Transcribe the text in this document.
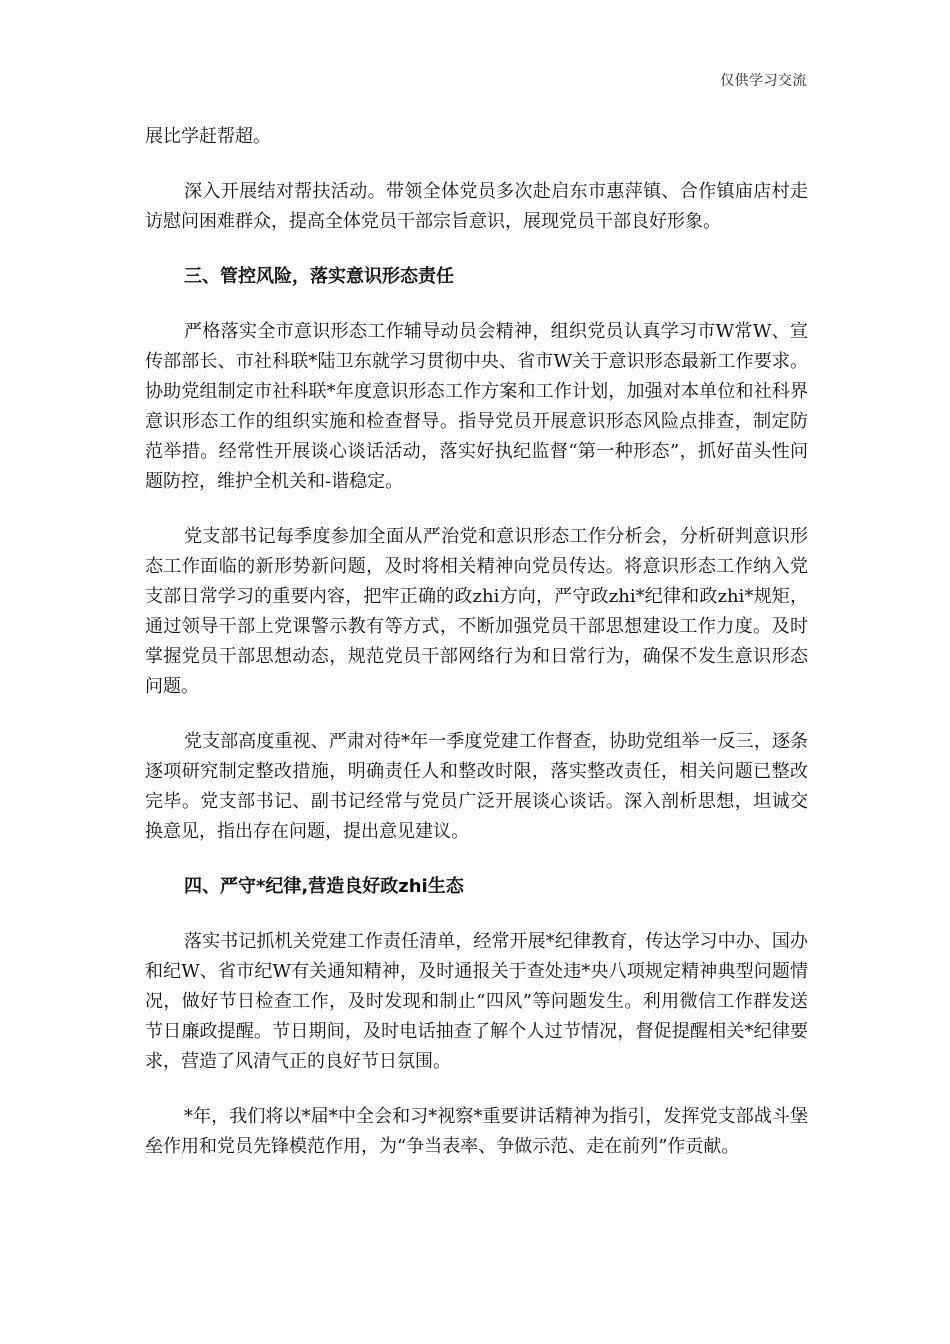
仅供学习交流

展比学赶帮超。

深入开展结对帮扶活动。带领全体党员多次赴启东市惠萍镇、合作镇庙店村走访慰问困难群众，提高全体党员干部宗旨意识，展现党员干部良好形象。

三、管控风险，落实意识形态责任

严格落实全市意识形态工作辅导动员会精神，组织党员认真学习市W常W、宣传部部长、市社科联*陆卫东就学习贯彻中央、省市W关于意识形态最新工作要求。协助党组制定市社科联*年度意识形态工作方案和工作计划，加强对本单位和社科界意识形态工作的组织实施和检查督导。指导党员开展意识形态风险点排查，制定防范举措。经常性开展谈心谈话活动，落实好执纪监督“第一种形态”，抓好苗头性问题防控，维护全机关和-谐稳定。

党支部书记每季度参加全面从严治党和意识形态工作分析会，分析研判意识形态工作面临的新形势新问题，及时将相关精神向党员传达。将意识形态工作纳入党支部日常学习的重要内容，把牢正确的政zhi方向，严守政zhi*纪律和政zhi*规矩，通过领导干部上党课警示教有等方式，不断加强党员干部思想建设工作力度。及时掌握党员干部思想动态，规范党员干部网络行为和日常行为，确保不发生意识形态问题。

党支部高度重视、严肃对待*年一季度党建工作督查，协助党组举一反三，逐条逐项研究制定整改措施，明确责任人和整改时限，落实整改责任，相关问题已整改完毕。党支部书记、副书记经常与党员广泛开展谈心谈话。深入剖析思想，坦诚交换意见，指出存在问题，提出意见建议。

四、严守*纪律,营造良好政zhi生态

落实书记抓机关党建工作责任清单，经常开展*纪律教育，传达学习中办、国办和纪W、省市纪W有关通知精神，及时通报关于查处违*央八项规定精神典型问题情况，做好节日检查工作，及时发现和制止“四风”等问题发生。利用微信工作群发送节日廉政提醒。节日期间，及时电话抽查了解个人过节情况，督促提醒相关*纪律要求，营造了风清气正的良好节日氛围。

*年，我们将以*届*中全会和习*视察*重要讲话精神为指引，发挥党支部战斗堡垒作用和党员先锋模范作用，为“争当表率、争做示范、走在前列”作贡献。
